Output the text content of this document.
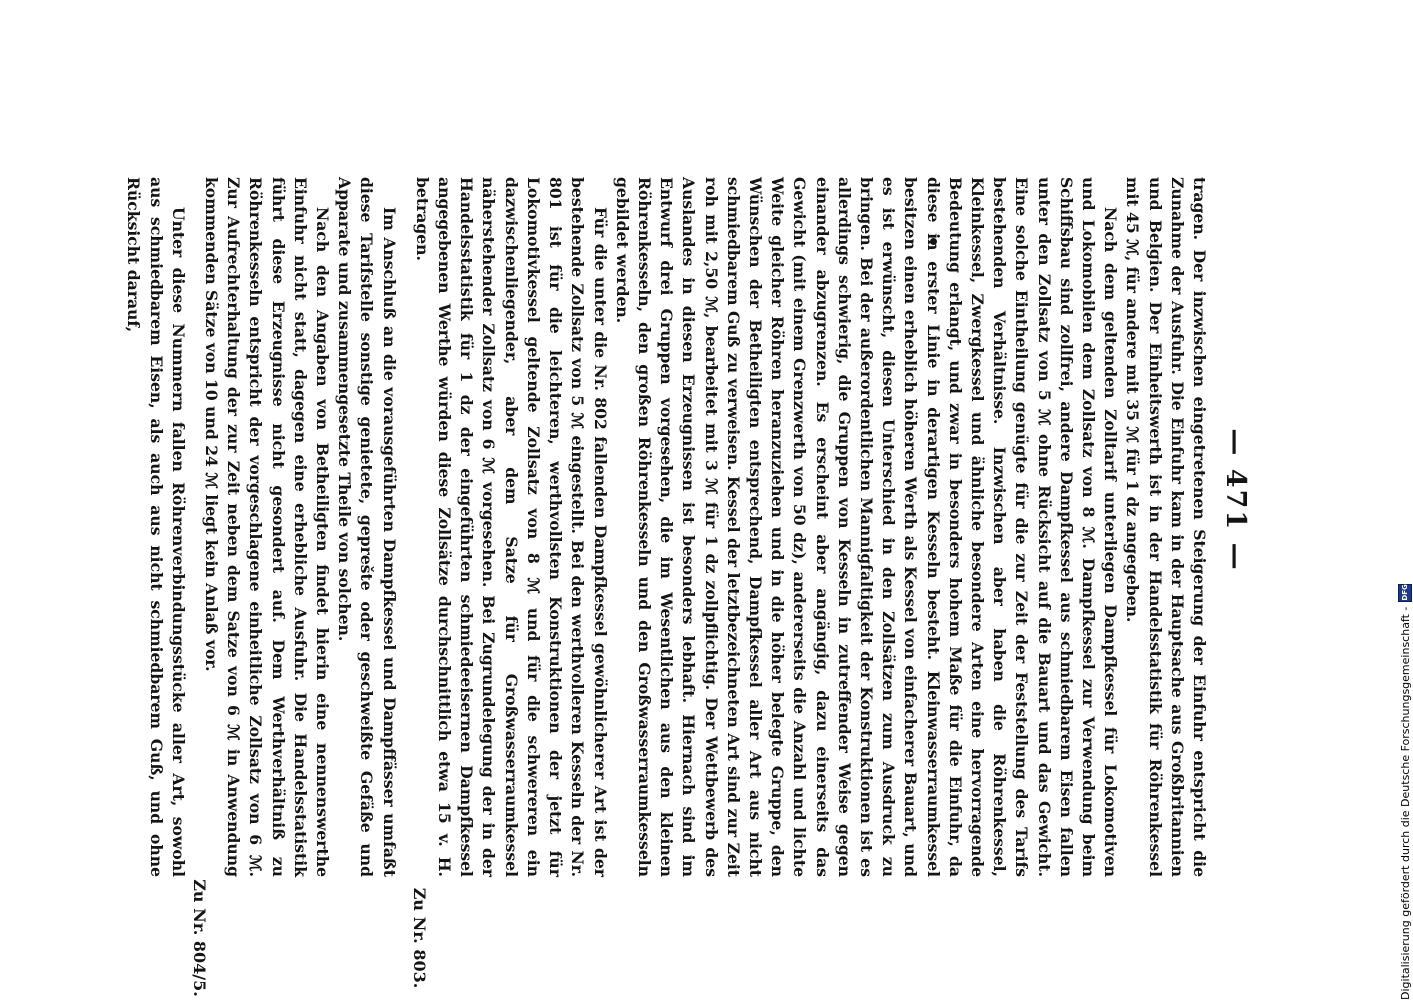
— 471 —

tragen. Der inzwischen eingetretenen Steigerung der Einfuhr entspricht die Zunahme der Ausfuhr. Die Einfuhr kam in der Hauptsache aus Großbritannien und Belgien. Der Einheitswerth ist in der Handelsstatistik für Röhrenkessel mit 45 ℳ, für andere mit 35 ℳ für 1 dz angegeben.

Nach dem geltenden Zolltarif unterliegen Dampfkessel für Lokomotiven und Lokomobilen dem Zollsatz von 8 ℳ. Dampfkessel zur Verwendung beim Schiffsbau sind zollfrei, andere Dampfkessel aus schmiedbarem Eisen fallen unter den Zollsatz von 5 ℳ ohne Rücksicht auf die Bauart und das Gewicht. Eine solche Eintheilung genügte für die zur Zeit der Feststellung des Tarifs bestehenden Verhältnisse. Inzwischen aber haben die Röhrenkessel, Kleinkessel, Zwergkessel und ähnliche besondere Arten eine hervorragende Bedeutung erlangt, und zwar in besonders hohem Maße für die Einfuhr, da diese in erster Linie in derartigen Kesseln besteht. Kleinwasserraumkessel besitzen einen erheblich höheren Werth als Kessel von einfacherer Bauart, und es ist erwünscht, diesen Unterschied in den Zollsätzen zum Ausdruck zu bringen. Bei der außerordentlichen Mannigfaltigkeit der Konstruktionen ist es allerdings schwierig, die Gruppen von Kesseln in zutreffender Weise gegen einander abzugrenzen. Es erscheint aber angängig, dazu einerseits das Gewicht (mit einem Grenzwerth von 50 dz), andererseits die Anzahl und lichte Weite gleicher Röhren heranzuziehen und in die höher belegte Gruppe, den Wünschen der Betheiligten entsprechend, Dampfkessel aller Art aus nicht schmiedbarem Guß zu verweisen. Kessel der letztbezeichneten Art sind zur Zeit roh mit 2,50 ℳ, bearbeitet mit 3 ℳ für 1 dz zollpflichtig. Der Wettbewerb des Auslandes in diesen Erzeugnissen ist besonders lebhaft. Hiernach sind im Entwurf drei Gruppen vorgesehen, die im Wesentlichen aus den kleinen Röhrenkesseln, den großen Röhrenkesseln und den Großwasserraumkesseln gebildet werden.

Für die unter die Nr. 802 fallenden Dampfkessel gewöhnlicherer Art ist der bestehende Zollsatz von 5 ℳ eingestellt. Bei den werthvolleren Kesseln der Nr. 801 ist für die leichteren, werthvollsten Konstruktionen der jetzt für Lokomotivkessel geltende Zollsatz von 8 ℳ und für die schwereren ein dazwischenliegender, aber dem Satze für Großwasserraumkessel näherstehender Zollsatz von 6 ℳ vorgesehen. Bei Zugrundelegung der in der Handelsstatistik für 1 dz der eingeführten schmiedeeisernen Dampfkessel angegebenen Werthe würden diese Zollsätze durchschnittlich etwa 15 v. H. betragen.

Im Anschluß an die vorausgeführten Dampfkessel und Dampffässer umfaßt diese Tarifstelle sonstige genietete, geprešte oder geschweißte Gefäße und Apparate und zusammengesetzte Theile von solchen.

Nach den Angaben von Betheiligten findet hierin eine nennenswerthe Einfuhr nicht statt, dagegen eine erhebliche Ausfuhr. Die Handelsstatistik führt diese Erzeugnisse nicht gesondert auf. Dem Werthverhältniß zu Röhrenkesseln entspricht der vorgeschlagene einheitliche Zollsatz von 6 ℳ. Zur Aufrechterhaltung der zur Zeit neben dem Satze von 6 ℳ in Anwendung kommenden Sätze von 10 und 24 ℳ liegt kein Anlaß vor.

Unter diese Nummern fallen Röhrenverbindungsstücke aller Art, sowohl aus schmiedbarem Eisen, als auch aus nicht schmiedbarem Guß, und ohne Rücksicht darauf,

Zu Nr. 803.
Zu Nr. 804/5.	Digitalisierung gefördert durch die Deutsche Forschungsgemeinschaft -
DFG
